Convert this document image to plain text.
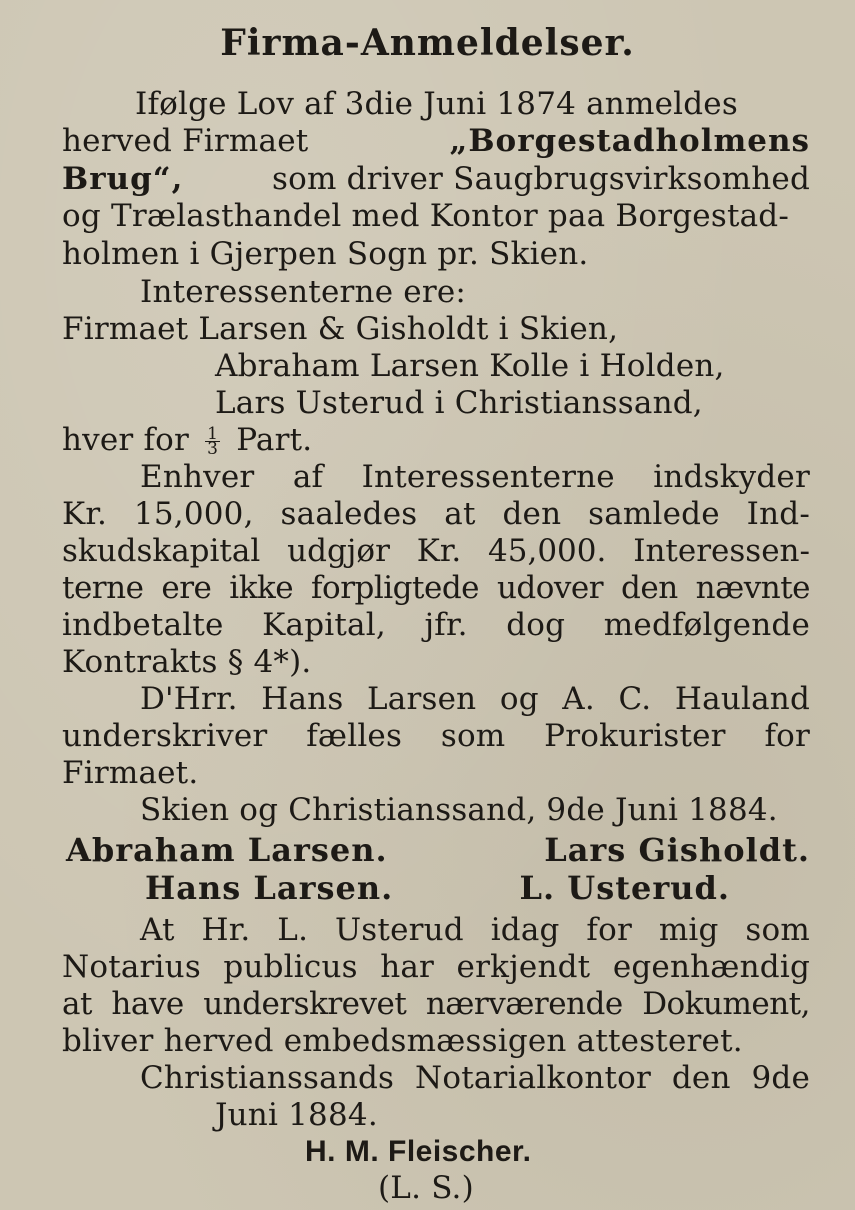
Firma-Anmeldelser.
Ifølge Lov af 3die Juni 1874 anmeldes
herved Firmaet	„Borgestadholmens
Brug“,	som driver Saugbrugsvirksomhed
og Trælasthandel med Kontor paa Borgestad-
holmen i Gjerpen Sogn pr. Skien.
Interessenterne ere:
Firmaet Larsen & Gisholdt i Skien,
Abraham Larsen Kolle i Holden,
Lars Usterud i Christianssand,
hver for $\frac{1}{3}$ Part.
Enhver af Interessenterne indskyder
Kr. 15,000, saaledes at den samlede Ind-
skudskapital udgjør Kr. 45,000. Interessen-
terne ere ikke forpligtede udover den nævnte
indbetalte Kapital, jfr. dog medfølgende
Kontrakts § 4*).
D'Hrr. Hans Larsen og A. C. Hauland
underskriver fælles som Prokurister for
Firmaet.
Skien og Christianssand, 9de Juni 1884.
Abraham Larsen.	Lars Gisholdt.
Hans Larsen.	L. Usterud.
At Hr. L. Usterud idag for mig som
Notarius publicus har erkjendt egenhændig
at have underskrevet nærværende Dokument,
bliver herved embedsmæssigen attesteret.
Christianssands Notarialkontor den 9de
Juni 1884.
H. M. Fleischer.
(L. S.)
